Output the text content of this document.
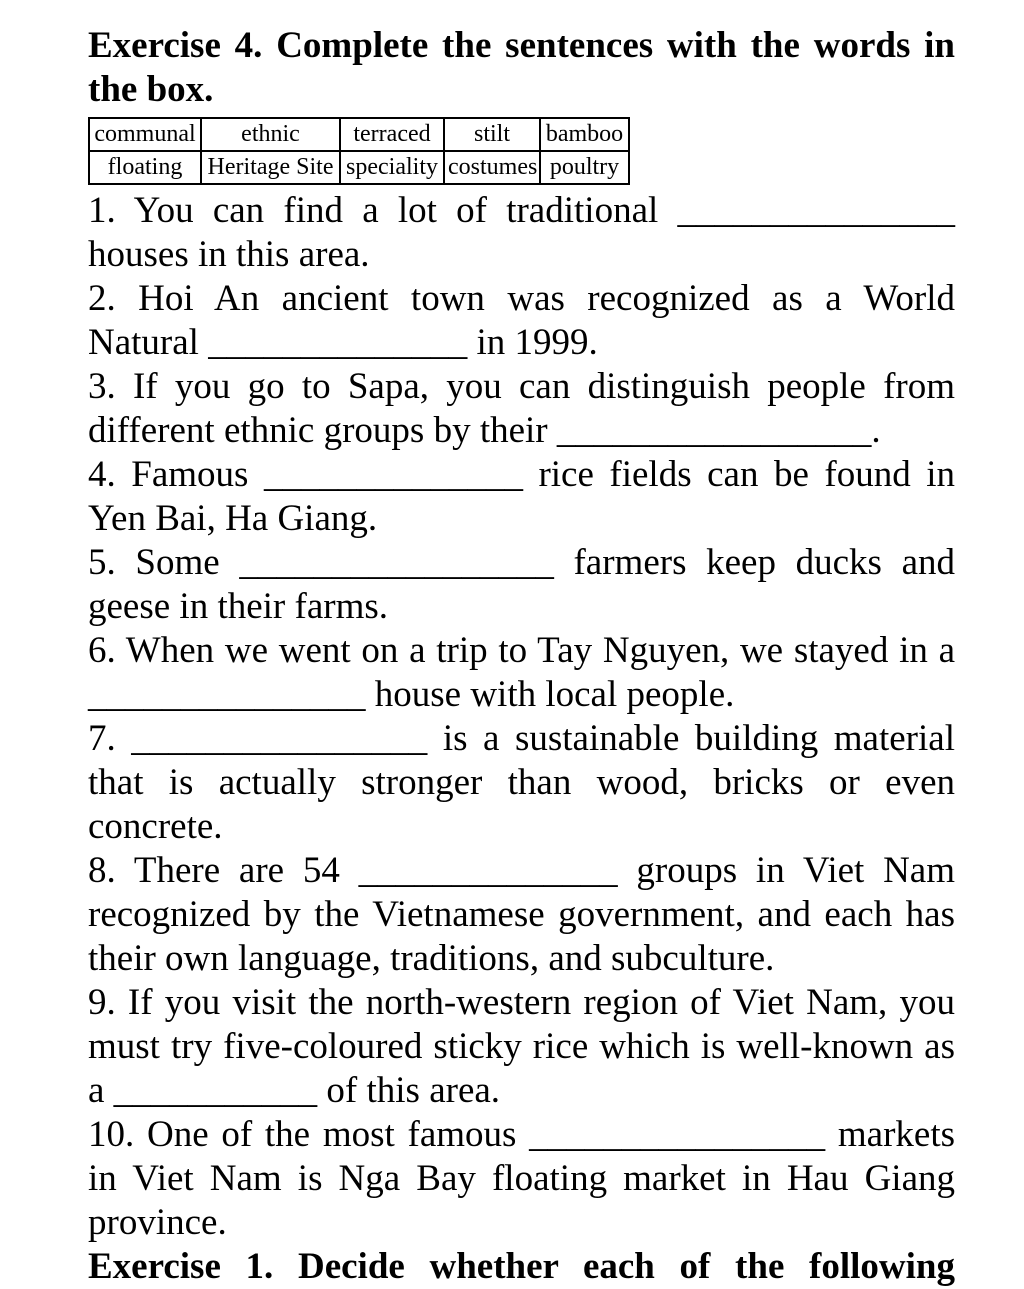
Exercise 4. Complete the sentences with the words in the box.

communal	ethnic	terraced	stilt	bamboo
floating	Heritage Site	speciality	costumes	poultry

1. You can find a lot of traditional _______________ houses in this area.

2. Hoi An ancient town was recognized as a World Natural ______________ in 1999.

3. If you go to Sapa, you can distinguish people from different ethnic groups by their _________________.

4. Famous ______________ rice fields can be found in Yen Bai, Ha Giang.

5. Some _________________ farmers keep ducks and geese in their farms.

6. When we went on a trip to Tay Nguyen, we stayed in a _______________ house with local people.

7. ________________ is a sustainable building material that is actually stronger than wood, bricks or even concrete.

8. There are 54 ______________ groups in Viet Nam recognized by the Vietnamese government, and each has their own language, traditions, and subculture.

9. If you visit the north-western region of Viet Nam, you must try five-coloured sticky rice which is well-known as a ___________ of this area.

10. One of the most famous ________________ markets in Viet Nam is Nga Bay floating market in Hau Giang province.

Exercise 1. Decide whether each of the following
